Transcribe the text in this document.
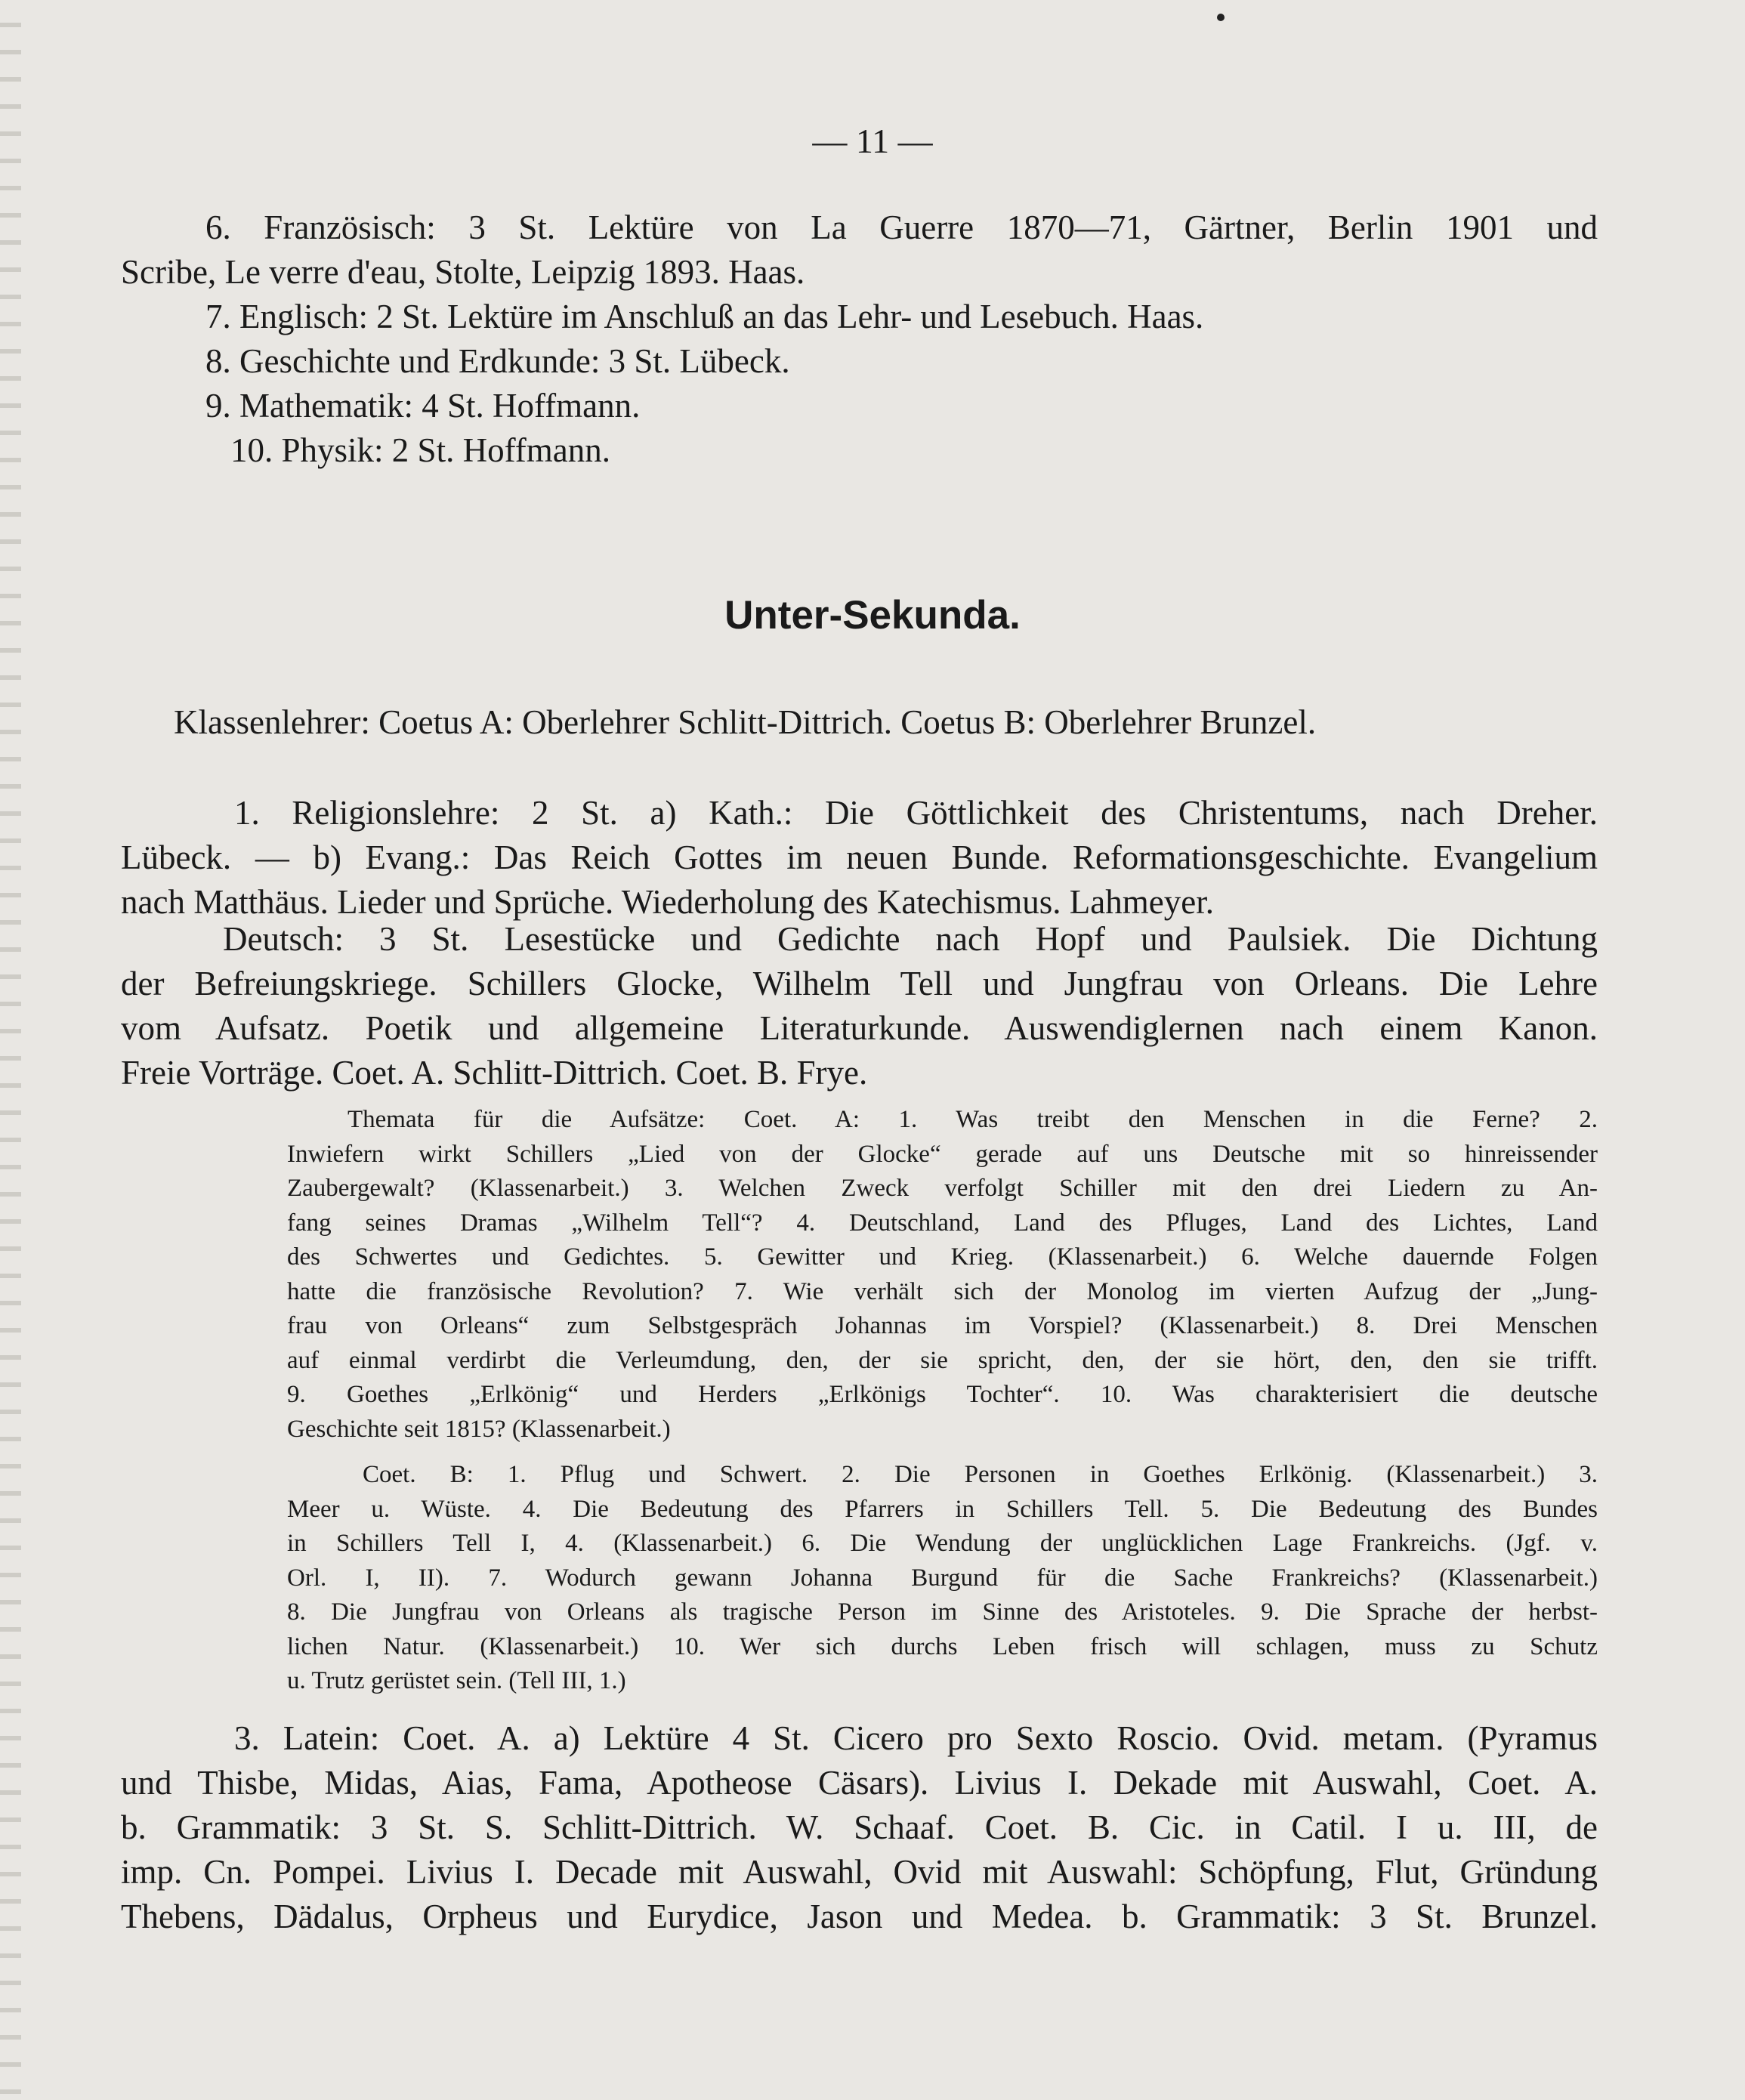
— 11 —
6. Französisch: 3 St. Lektüre von La Guerre 1870—71, Gärtner, Berlin 1901 und
Scribe, Le verre d'eau, Stolte, Leipzig 1893. Haas.
7. Englisch: 2 St. Lektüre im Anschluß an das Lehr- und Lesebuch. Haas.
8. Geschichte und Erdkunde: 3 St. Lübeck.
9. Mathematik: 4 St. Hoffmann.
10. Physik: 2 St. Hoffmann.
Unter-Sekunda.
Klassenlehrer: Coetus A: Oberlehrer Schlitt-Dittrich. Coetus B: Oberlehrer Brunzel.
1. Religionslehre: 2 St. a) Kath.: Die Göttlichkeit des Christentums, nach Dreher.
Lübeck. — b) Evang.: Das Reich Gottes im neuen Bunde. Reformationsgeschichte. Evangelium
nach Matthäus. Lieder und Sprüche. Wiederholung des Katechismus. Lahmeyer.
Deutsch: 3 St. Lesestücke und Gedichte nach Hopf und Paulsiek. Die Dichtung
der Befreiungskriege. Schillers Glocke, Wilhelm Tell und Jungfrau von Orleans. Die Lehre
vom Aufsatz. Poetik und allgemeine Literaturkunde. Auswendiglernen nach einem Kanon.
Freie Vorträge. Coet. A. Schlitt-Dittrich. Coet. B. Frye.
Themata für die Aufsätze: Coet. A: 1. Was treibt den Menschen in die Ferne? 2.
Inwiefern wirkt Schillers „Lied von der Glocke“ gerade auf uns Deutsche mit so hinreissender
Zaubergewalt? (Klassenarbeit.) 3. Welchen Zweck verfolgt Schiller mit den drei Liedern zu An-
fang seines Dramas „Wilhelm Tell“? 4. Deutschland, Land des Pfluges, Land des Lichtes, Land
des Schwertes und Gedichtes. 5. Gewitter und Krieg. (Klassenarbeit.) 6. Welche dauernde Folgen
hatte die französische Revolution? 7. Wie verhält sich der Monolog im vierten Aufzug der „Jung-
frau von Orleans“ zum Selbstgespräch Johannas im Vorspiel? (Klassenarbeit.) 8. Drei Menschen
auf einmal verdirbt die Verleumdung, den, der sie spricht, den, der sie hört, den, den sie trifft.
9. Goethes „Erlkönig“ und Herders „Erlkönigs Tochter“. 10. Was charakterisiert die deutsche
Geschichte seit 1815? (Klassenarbeit.)
Coet. B: 1. Pflug und Schwert. 2. Die Personen in Goethes Erlkönig. (Klassenarbeit.) 3.
Meer u. Wüste. 4. Die Bedeutung des Pfarrers in Schillers Tell. 5. Die Bedeutung des Bundes
in Schillers Tell I, 4. (Klassenarbeit.) 6. Die Wendung der unglücklichen Lage Frankreichs. (Jgf. v.
Orl. I, II). 7. Wodurch gewann Johanna Burgund für die Sache Frankreichs? (Klassenarbeit.)
8. Die Jungfrau von Orleans als tragische Person im Sinne des Aristoteles. 9. Die Sprache der herbst-
lichen Natur. (Klassenarbeit.) 10. Wer sich durchs Leben frisch will schlagen, muss zu Schutz
u. Trutz gerüstet sein. (Tell III, 1.)
3. Latein: Coet. A. a) Lektüre 4 St. Cicero pro Sexto Roscio. Ovid. metam. (Pyramus
und Thisbe, Midas, Aias, Fama, Apotheose Cäsars). Livius I. Dekade mit Auswahl, Coet. A.
b. Grammatik: 3 St. S. Schlitt-Dittrich. W. Schaaf. Coet. B. Cic. in Catil. I u. III, de
imp. Cn. Pompei. Livius I. Decade mit Auswahl, Ovid mit Auswahl: Schöpfung, Flut, Gründung
Thebens, Dädalus, Orpheus und Eurydice, Jason und Medea. b. Grammatik: 3 St. Brunzel.
